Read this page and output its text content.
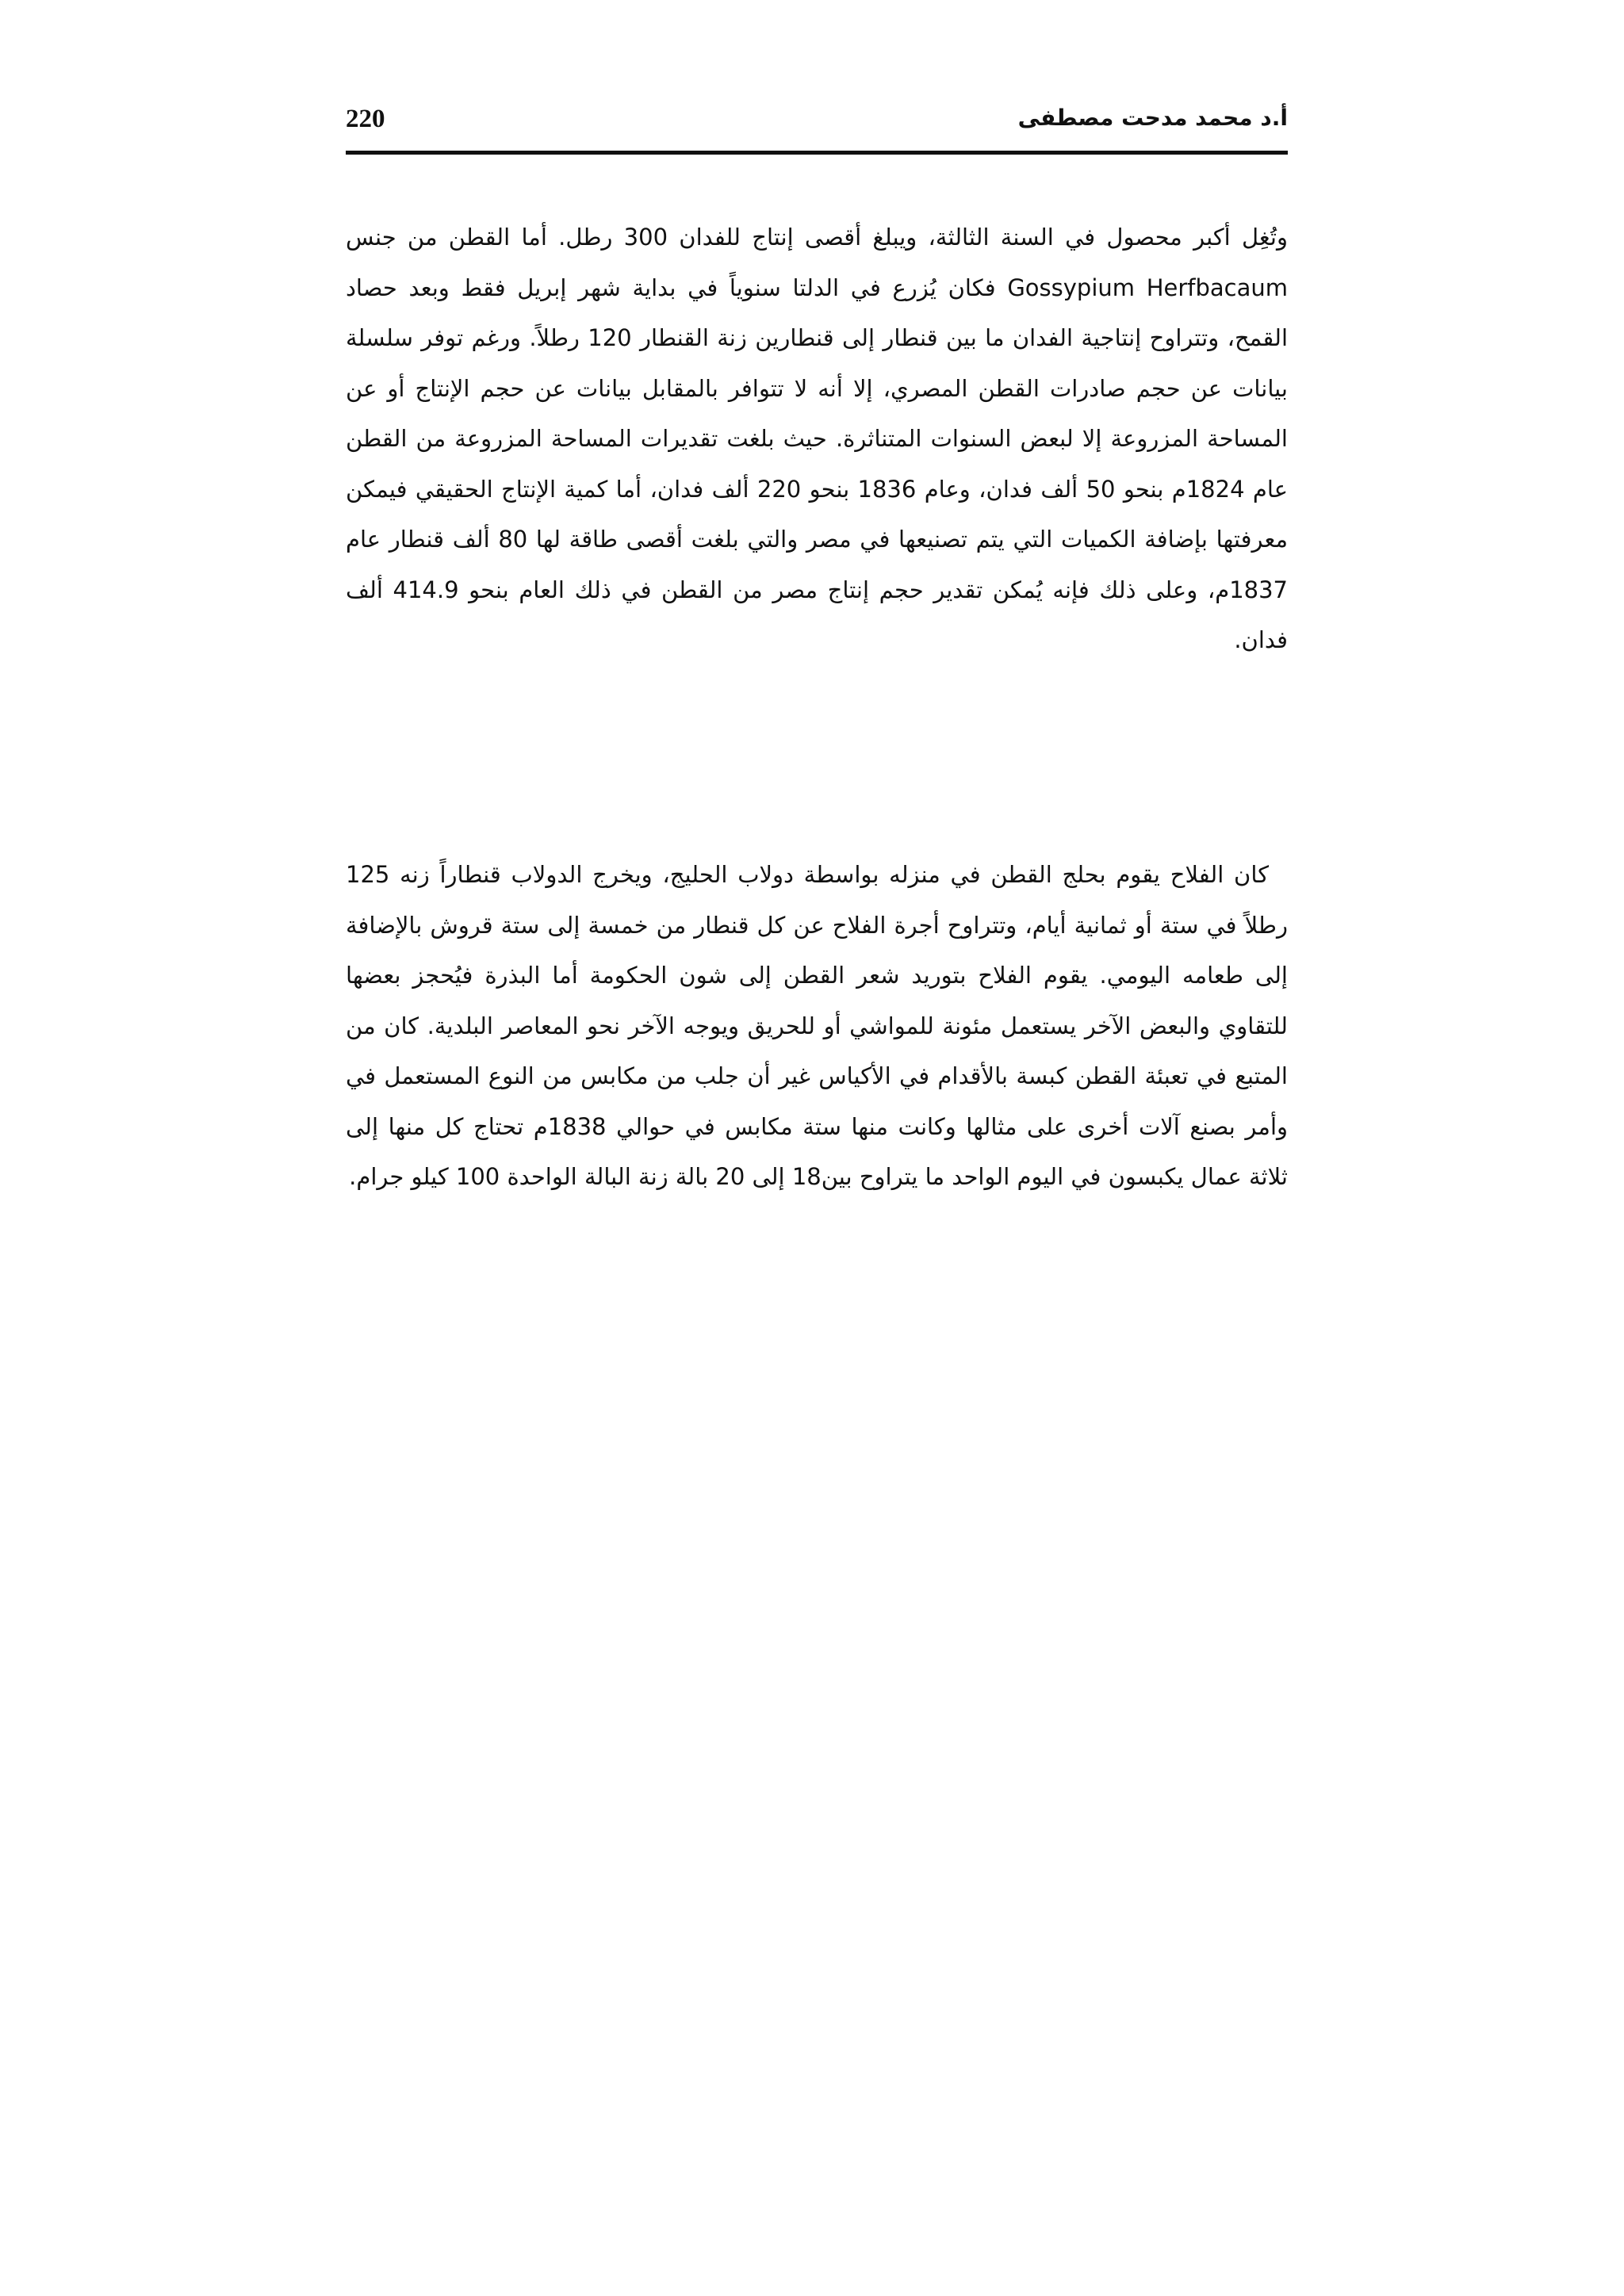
220	أ.د محمد مدحت مصطفى

وتُغِل أكبر محصول في السنة الثالثة، ويبلغ أقصى إنتاج للفدان 300 رطل. أما القطن من جنس Gossypium Herfbacaum فكان يُزرع في الدلتا سنوياً في بداية شهر إبريل فقط وبعد حصاد القمح، وتتراوح إنتاجية الفدان ما بين قنطار إلى قنطارين زنة القنطار 120 رطلاً. ورغم توفر سلسلة بيانات عن حجم صادرات القطن المصري، إلا أنه لا تتوافر بالمقابل بيانات عن حجم الإنتاج أو عن المساحة المزروعة إلا لبعض السنوات المتناثرة. حيث بلغت تقديرات المساحة المزروعة من القطن عام 1824م بنحو 50 ألف فدان، وعام 1836 بنحو 220 ألف فدان، أما كمية الإنتاج الحقيقي فيمكن معرفتها بإضافة الكميات التي يتم تصنيعها في مصر والتي بلغت أقصى طاقة لها 80 ألف قنطار عام 1837م، وعلى ذلك فإنه يُمكن تقدير حجم إنتاج مصر من القطن في ذلك العام بنحو 414.9 ألف فدان.

كان الفلاح يقوم بحلج القطن في منزله بواسطة دولاب الحليج، ويخرج الدولاب قنطاراً زنه 125 رطلاً في ستة أو ثمانية أيام، وتتراوح أجرة الفلاح عن كل قنطار من خمسة إلى ستة قروش بالإضافة إلى طعامه اليومي. يقوم الفلاح بتوريد شعر القطن إلى شون الحكومة أما البذرة فيُحجز بعضها للتقاوي والبعض الآخر يستعمل مئونة للمواشي أو للحريق ويوجه الآخر نحو المعاصر البلدية. كان من المتبع في تعبئة القطن كبسة بالأقدام في الأكياس غير أن جلب من مكابس من النوع المستعمل في وأمر بصنع آلات أخرى على مثالها وكانت منها ستة مكابس في حوالي 1838م تحتاج كل منها إلى ثلاثة عمال يكبسون في اليوم الواحد ما يتراوح بين18 إلى 20 بالة زنة البالة الواحدة 100 كيلو جرام.
